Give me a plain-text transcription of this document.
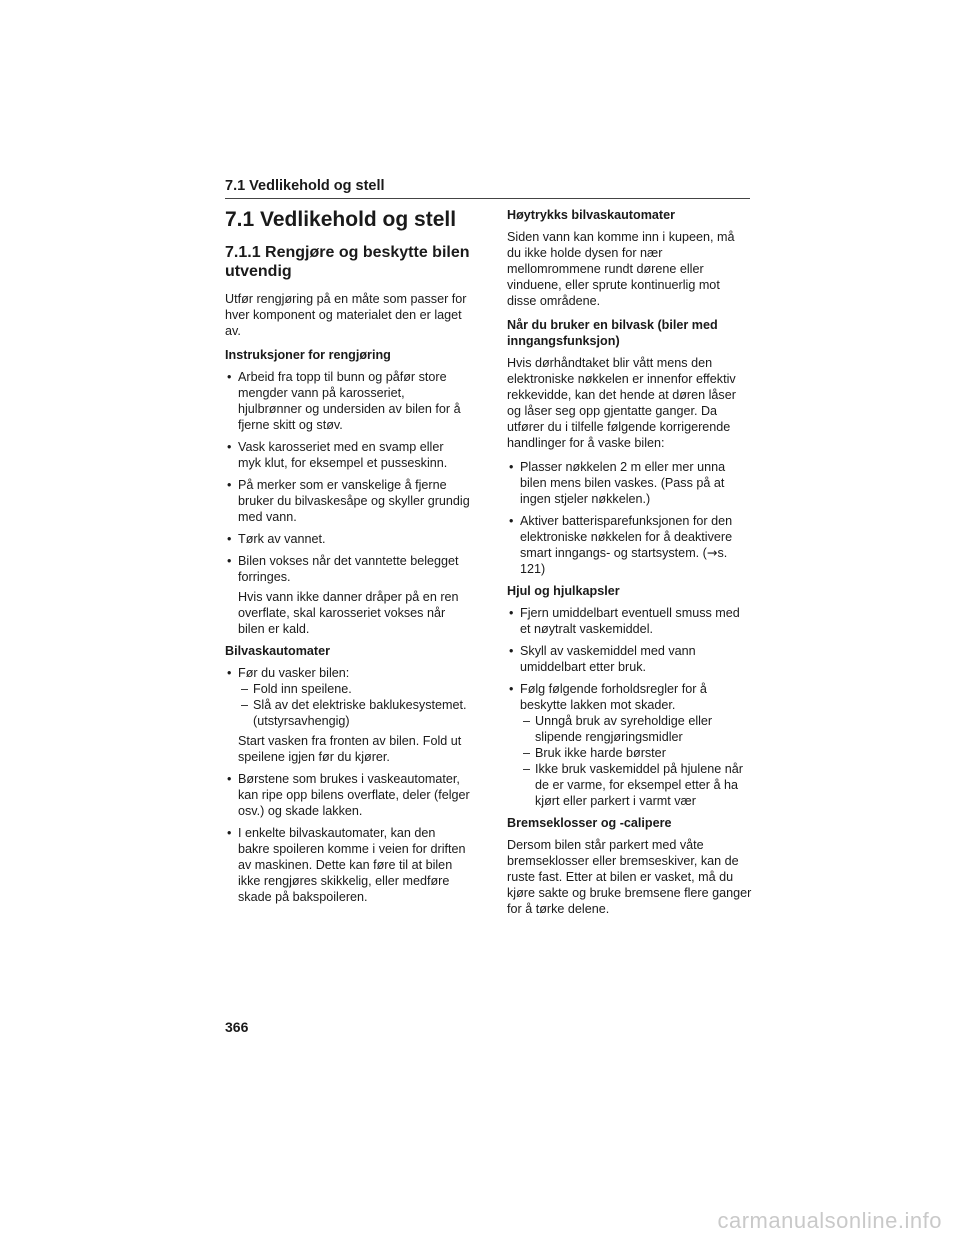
7.1 Vedlikehold og stell
7.1 Vedlikehold og stell
7.1.1 Rengjøre og beskytte bilen utvendig

Utfør rengjøring på en måte som passer for hver komponent og materialet den er laget av.

Instruksjoner for rengjøring

• Arbeid fra topp til bunn og påfør store mengder vann på karosseriet, hjulbrønner og undersiden av bilen for å fjerne skitt og støv.
• Vask karosseriet med en svamp eller myk klut, for eksempel et pusseskinn.
• På merker som er vanskelige å fjerne bruker du bilvaskesåpe og skyller grundig med vann.
• Tørk av vannet.
• Bilen vokses når det vanntette belegget forringes.
Hvis vann ikke danner dråper på en ren overflate, skal karosseriet vokses når bilen er kald.

Bilvaskautomater

• Før du vasker bilen:
– Fold inn speilene.
– Slå av det elektriske baklukesystemet. (utstyrsavhengig)
Start vasken fra fronten av bilen. Fold ut speilene igjen før du kjører.
• Børstene som brukes i vaskeautomater, kan ripe opp bilens overflate, deler (felger osv.) og skade lakken.
• I enkelte bilvaskautomater, kan den bakre spoileren komme i veien for driften av maskinen. Dette kan føre til at bilen ikke rengjøres skikkelig, eller medføre skade på bakspoileren.

Høytrykks bilvaskautomater

Siden vann kan komme inn i kupeen, må du ikke holde dysen for nær mellomrommene rundt dørene eller vinduene, eller sprute kontinuerlig mot disse områdene.

Når du bruker en bilvask (biler med inngangsfunksjon)

Hvis dørhåndtaket blir vått mens den elektroniske nøkkelen er innenfor effektiv rekkevidde, kan det hende at døren låser og låser seg opp gjentatte ganger. Da utfører du i tilfelle følgende korrigerende handlinger for å vaske bilen:

• Plasser nøkkelen 2 m eller mer unna bilen mens bilen vaskes. (Pass på at ingen stjeler nøkkelen.)
• Aktiver batterisparefunksjonen for den elektroniske nøkkelen for å deaktivere smart inngangs- og startsystem. (→s. 121)

Hjul og hjulkapsler

• Fjern umiddelbart eventuell smuss med et nøytralt vaskemiddel.
• Skyll av vaskemiddel med vann umiddelbart etter bruk.
• Følg følgende forholdsregler for å beskytte lakken mot skader.
– Unngå bruk av syreholdige eller slipende rengjøringsmidler
– Bruk ikke harde børster
– Ikke bruk vaskemiddel på hjulene når de er varme, for eksempel etter å ha kjørt eller parkert i varmt vær

Bremseklosser og -calipere

Dersom bilen står parkert med våte bremseklosser eller bremseskiver, kan de ruste fast. Etter at bilen er vasket, må du kjøre sakte og bruke bremsene flere ganger for å tørke delene.

366
carmanualsonline.info
